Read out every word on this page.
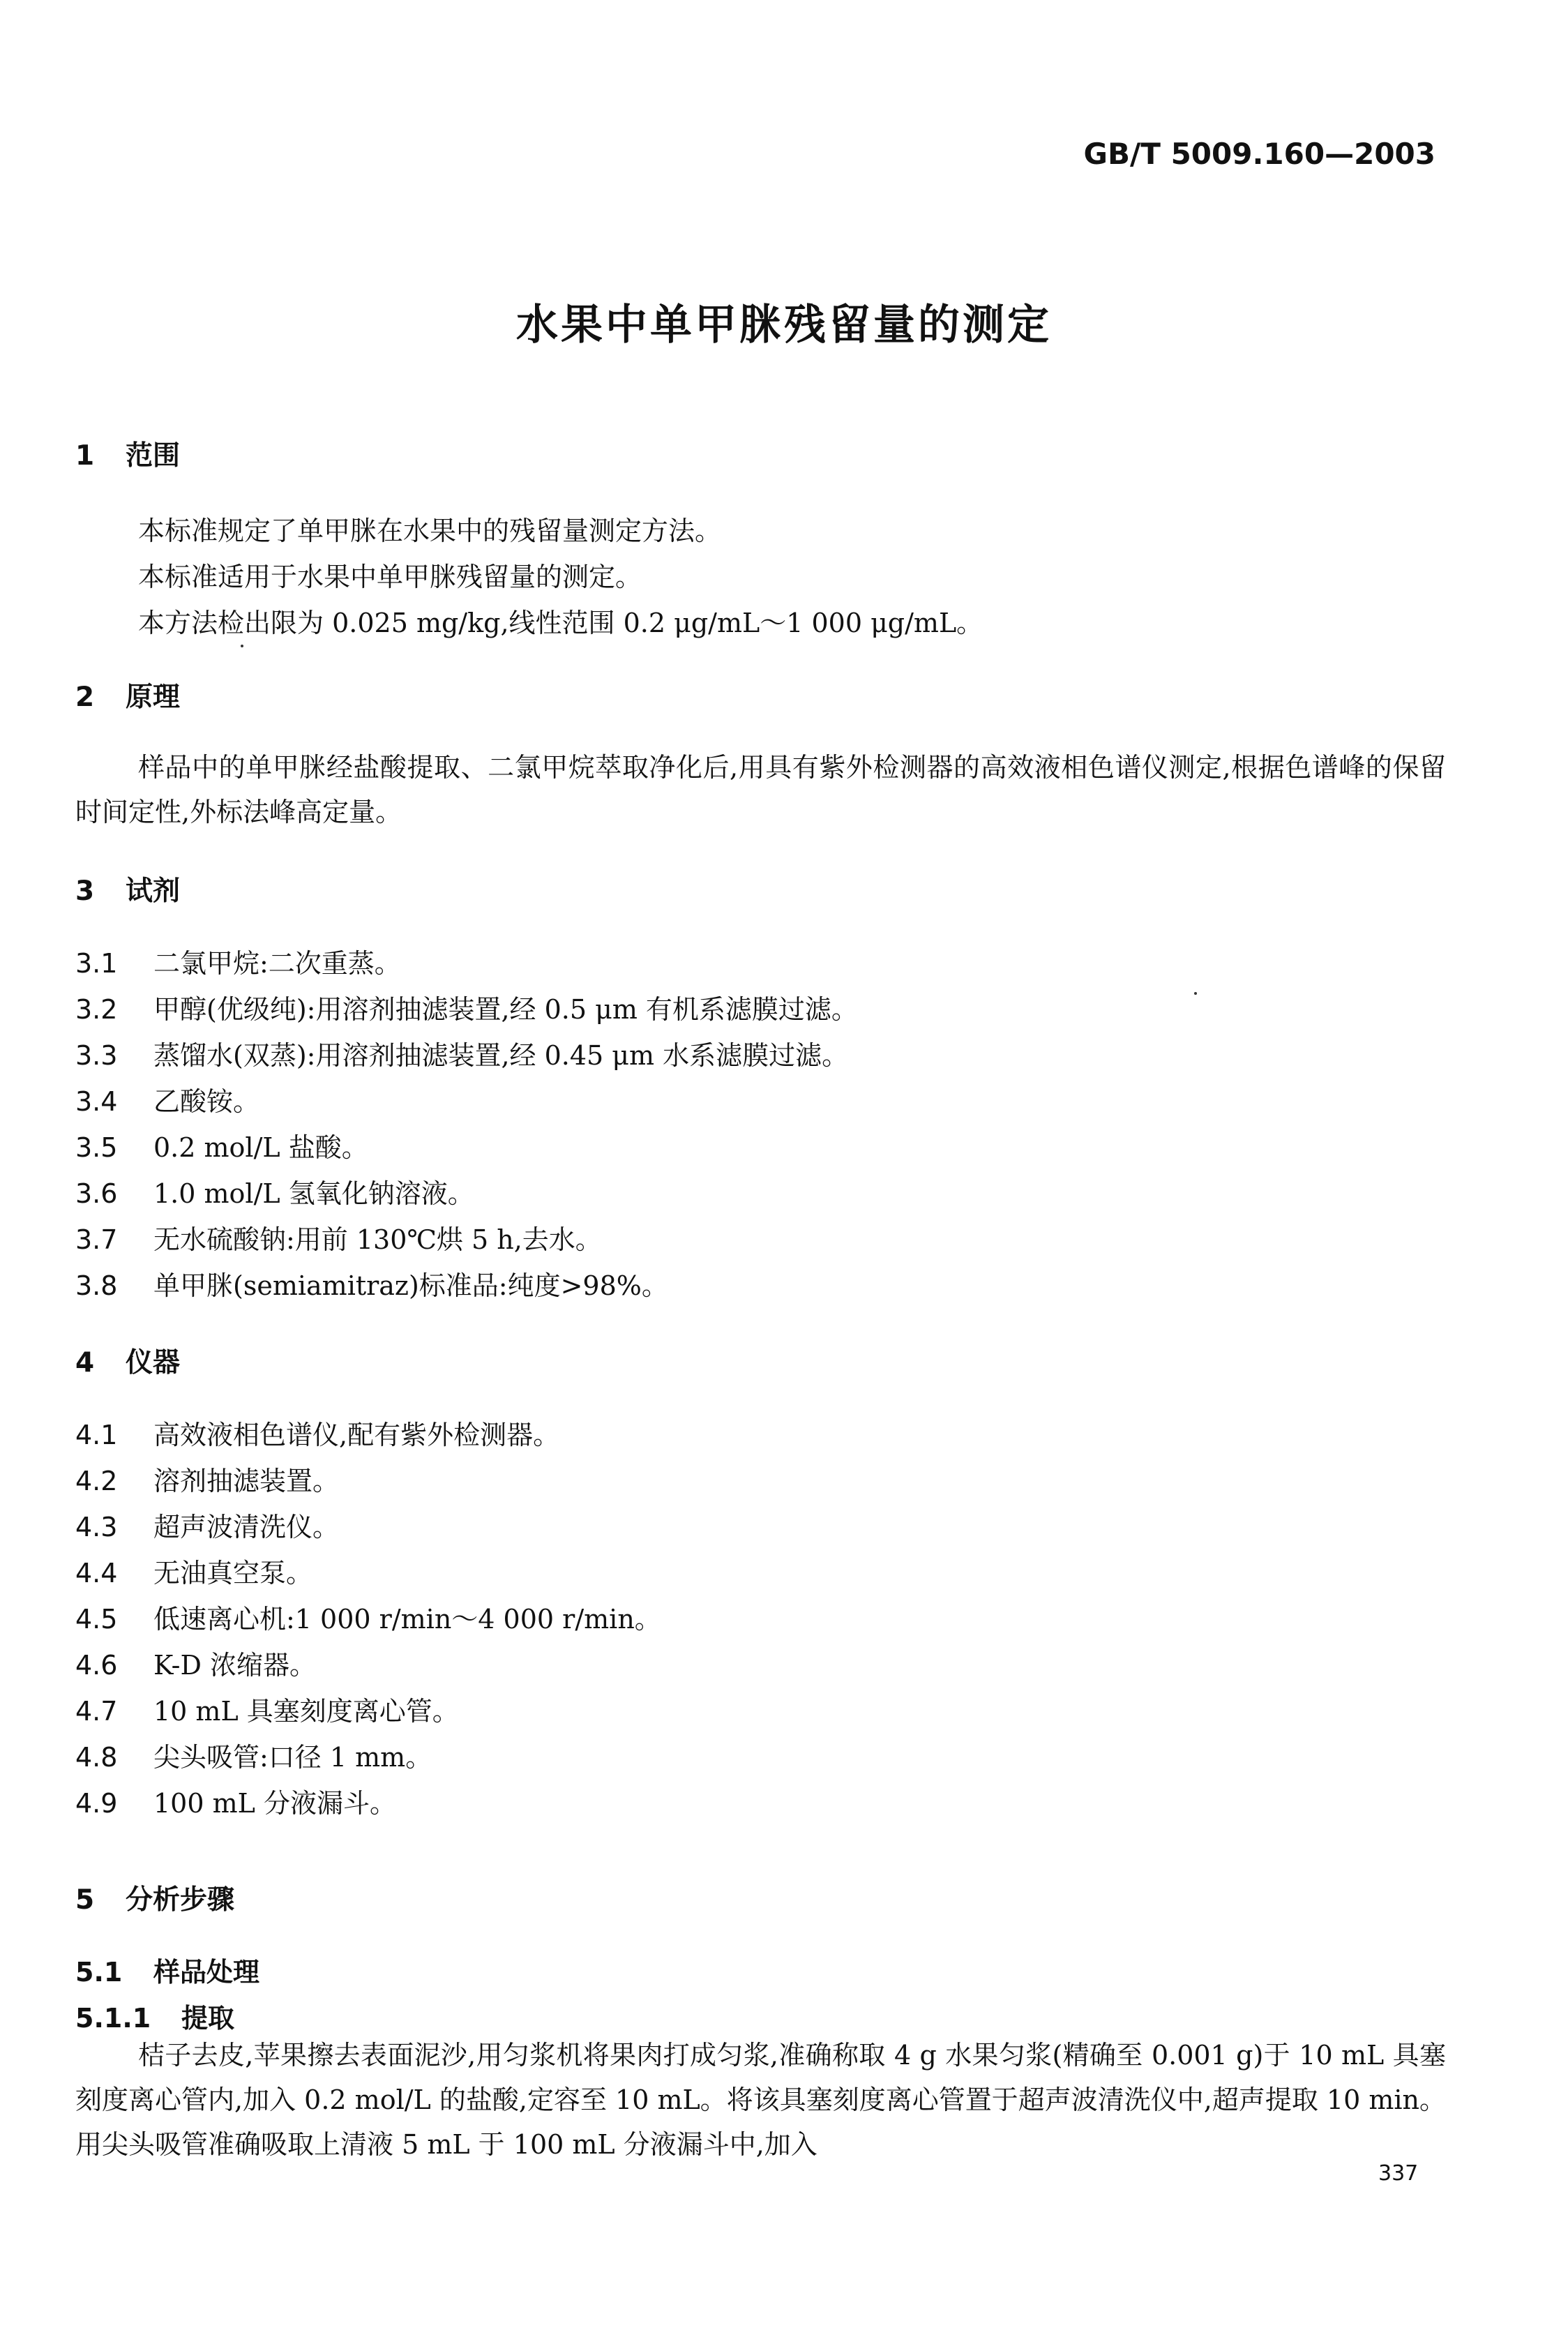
GB/T 5009.160—2003
水果中单甲脒残留量的测定
1 范围
本标准规定了单甲脒在水果中的残留量测定方法。
本标准适用于水果中单甲脒残留量的测定。
本方法检出限为 0.025 mg/kg,线性范围 0.2 μg/mL～1 000 μg/mL。
2 原理
样品中的单甲脒经盐酸提取、二氯甲烷萃取净化后,用具有紫外检测器的高效液相色谱仪测定,根据色谱峰的保留时间定性,外标法峰高定量。
3 试剂
3.1 二氯甲烷:二次重蒸。
3.2 甲醇(优级纯):用溶剂抽滤装置,经 0.5 μm 有机系滤膜过滤。
3.3 蒸馏水(双蒸):用溶剂抽滤装置,经 0.45 μm 水系滤膜过滤。
3.4 乙酸铵。
3.5 0.2 mol/L 盐酸。
3.6 1.0 mol/L 氢氧化钠溶液。
3.7 无水硫酸钠:用前 130℃烘 5 h,去水。
3.8 单甲脒(semiamitraz)标准品:纯度>98%。
4 仪器
4.1 高效液相色谱仪,配有紫外检测器。
4.2 溶剂抽滤装置。
4.3 超声波清洗仪。
4.4 无油真空泵。
4.5 低速离心机:1 000 r/min～4 000 r/min。
4.6 K-D 浓缩器。
4.7 10 mL 具塞刻度离心管。
4.8 尖头吸管:口径 1 mm。
4.9 100 mL 分液漏斗。
5 分析步骤
5.1 样品处理
5.1.1 提取
桔子去皮,苹果擦去表面泥沙,用匀浆机将果肉打成匀浆,准确称取 4 g 水果匀浆(精确至 0.001 g)于 10 mL 具塞刻度离心管内,加入 0.2 mol/L 的盐酸,定容至 10 mL。将该具塞刻度离心管置于超声波清洗仪中,超声提取 10 min。用尖头吸管准确吸取上清液 5 mL 于 100 mL 分液漏斗中,加入
337
